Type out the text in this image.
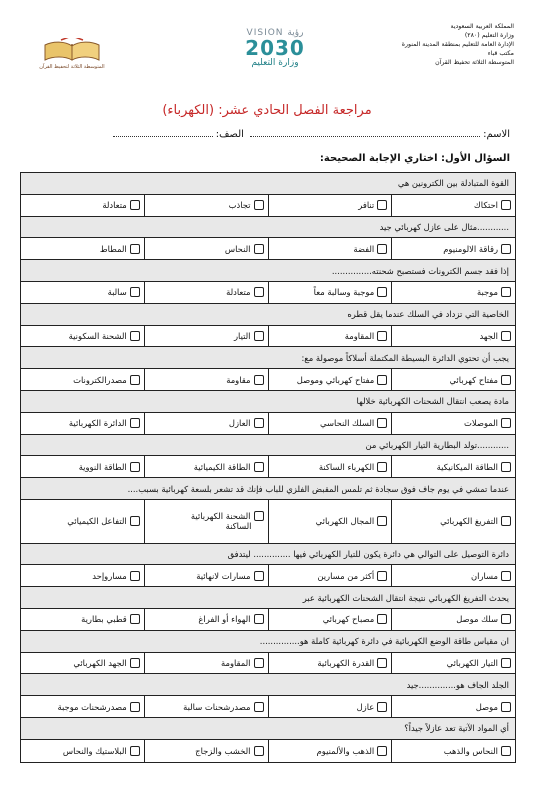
المملكة العربية السعودية
وزارة التعليم (٢٨٠)
الإدارة العامة للتعليم بمنطقة المدينة المنورة
مكتب قباء
المتوسطة الثلاثة تحفيظ القرآن
VISION رؤية
2030
وزارة التعليم
المتوسطة الثلاثة لتحفيظ القرآن
مراجعة الفصل الحادي عشر: (الكهرباء)
الاسم: الصف:
السؤال الأول: اختاري الإجابة الصحيحة:
القوة المتبادلة بين الكترونين هي
احتكاك
تنافر
تجاذب
متعادلة
............مثال على عازل كهربائي جيد
رقاقة الالومنيوم
الفضة
النحاس
المطاط
إذا فقد جسم الكترونات فستصبح شحنته...............
موجبة
موجبة وسالبة معاً
متعادلة
سالبة
الخاصية التي تزداد في السلك عندما يقل قطره
الجهد
المقاومة
التيار
الشحنة السكونية
يجب أن تحتوي الدائرة البسيطة المكتملة أسلاكاً موصولة مع:
مفتاح كهربائي
مفتاح كهربائي وموصل
مقاومة
مصدرالكترونات
مادة يصعب انتقال الشحنات الكهربائية خلالها
الموصلات
السلك النحاسي
العازل
الدائرة الكهربائية
............تولد البطارية التيار الكهربائي من
الطاقة الميكانيكية
الكهرباء الساكنة
الطاقة الكيميائية
الطاقة النووية
عندما تمشي في يوم جاف فوق سجادة ثم تلمس المقبض الفلزي للباب فإنك قد تشعر بلسعة كهربائية بسبب....
التفريغ الكهربائي
المجال الكهربائي
الشحنة الكهربائية
الساكنة
التفاعل الكيميائي
دائرة التوصيل على التوالي هي دائرة يكون للتيار الكهربائي فيها .............. ليتدفق
مساران
أكثر من مسارين
مسارات لانهائية
مساروإحد
يحدث التفريغ الكهربائي نتيجة انتقال الشحنات الكهربائية عبر
سلك موصل
مصباح كهربائي
الهواء أو الفراغ
قطبي بطارية
ان مقياس طاقة الوضع الكهربائية في دائرة كهربائية كاملة هو...............
التيار الكهربائي
القدرة الكهربائية
المقاومة
الجهد الكهربائي
الجلد الجاف هو..............جيد
موصل
عازل
مصدرشحنات سالبة
مصدرشحنات موجبة
أي المواد الآتية تعد عازلاً جيداً؟
النحاس والذهب
الذهب والألمنيوم
الخشب والزجاج
البلاستيك والنحاس
